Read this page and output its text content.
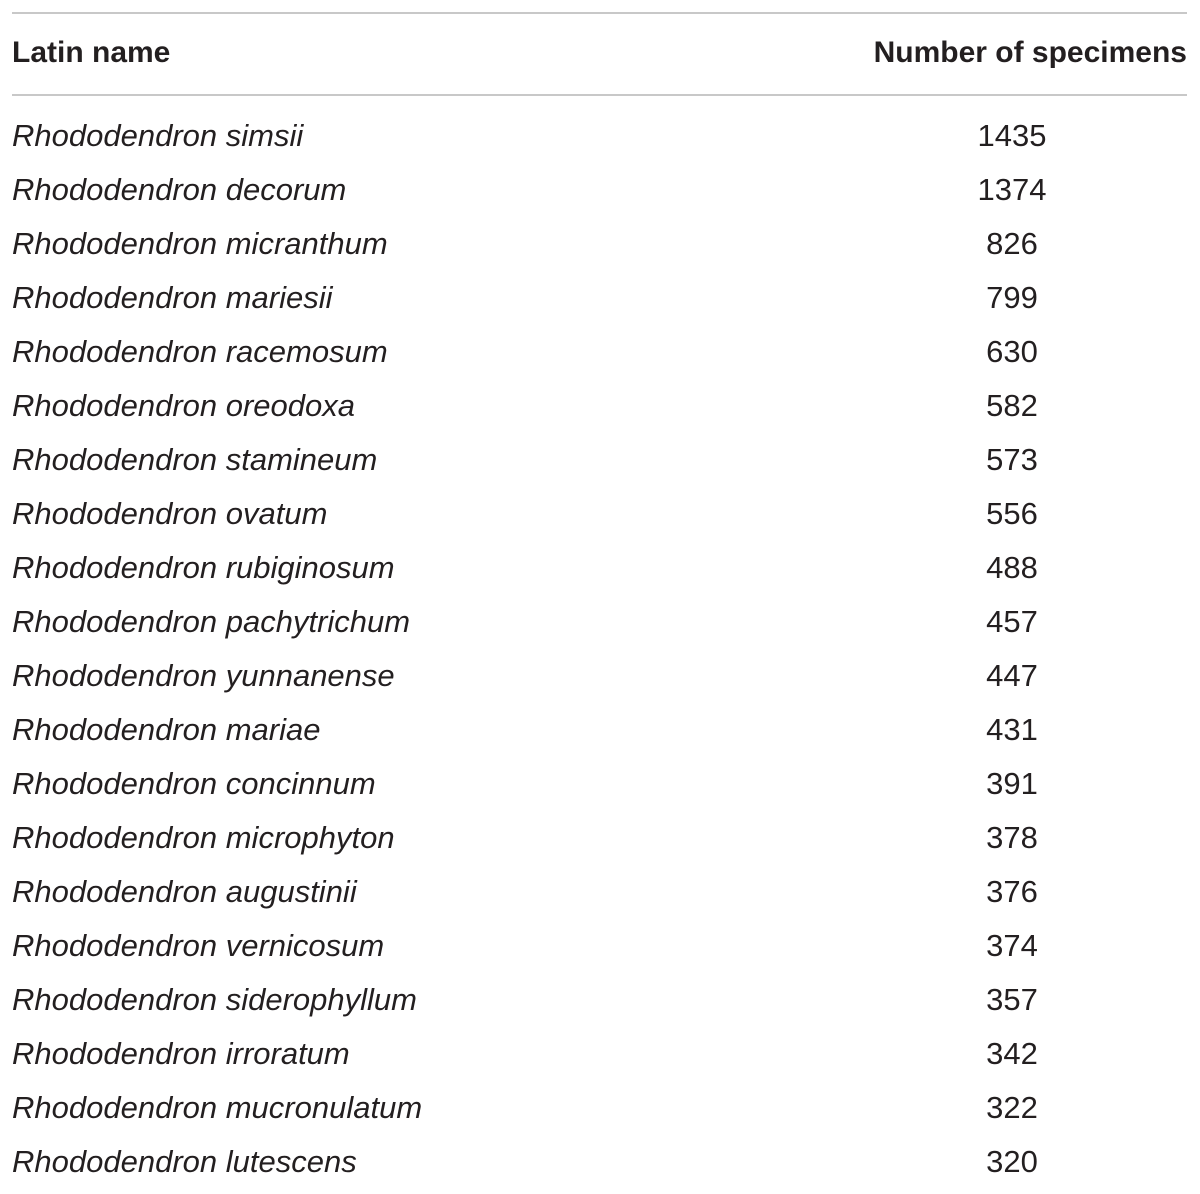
Latin name	Number of specimens
Rhododendron simsii	1435
Rhododendron decorum	1374
Rhododendron micranthum	826
Rhododendron mariesii	799
Rhododendron racemosum	630
Rhododendron oreodoxa	582
Rhododendron stamineum	573
Rhododendron ovatum	556
Rhododendron rubiginosum	488
Rhododendron pachytrichum	457
Rhododendron yunnanense	447
Rhododendron mariae	431
Rhododendron concinnum	391
Rhododendron microphyton	378
Rhododendron augustinii	376
Rhododendron vernicosum	374
Rhododendron siderophyllum	357
Rhododendron irroratum	342
Rhododendron mucronulatum	322
Rhododendron lutescens	320
